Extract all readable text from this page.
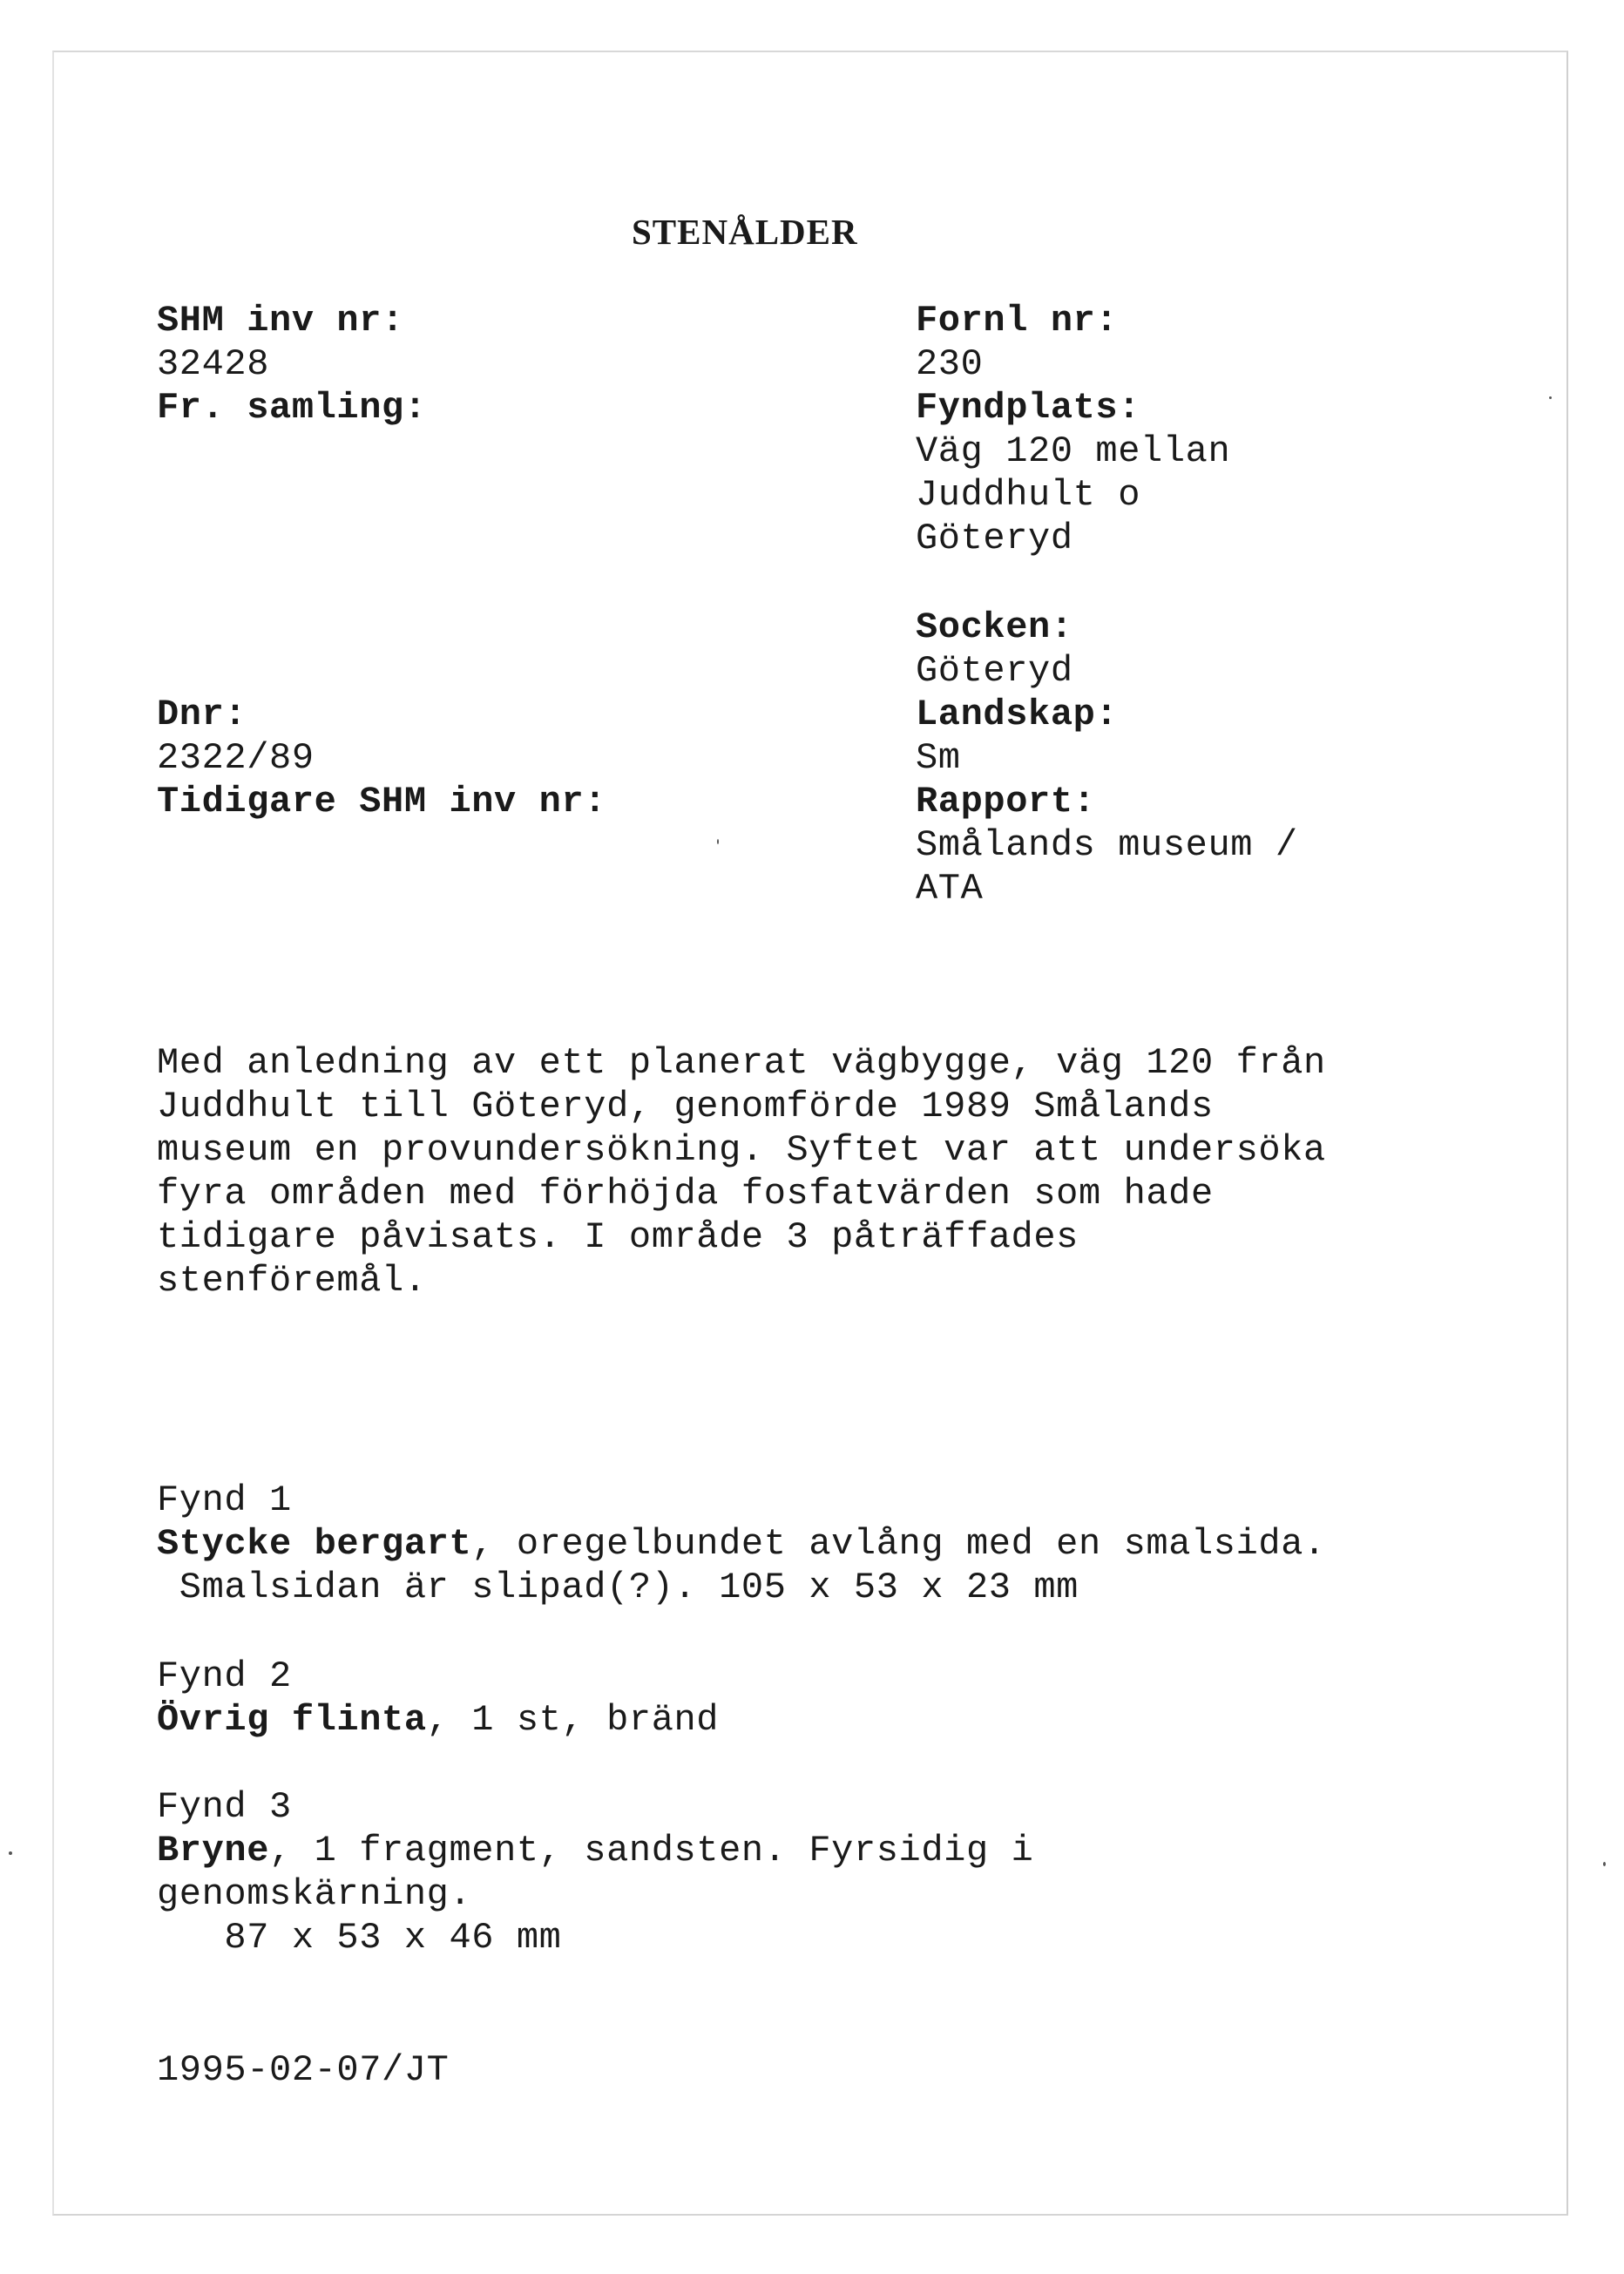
STENÅLDER
SHM inv nr:
32428
Fr. samling:
Dnr:
2322/89
Tidigare SHM inv nr:
Fornl nr:
230
Fyndplats:
Väg 120 mellan
Juddhult o
Göteryd
Socken:
Göteryd
Landskap:
Sm
Rapport:
Smålands museum /
ATA
Med anledning av ett planerat vägbygge, väg 120 från
Juddhult till Göteryd, genomförde 1989 Smålands
museum en provundersökning. Syftet var att undersöka
fyra områden med förhöjda fosfatvärden som hade
tidigare påvisats. I område 3 påträffades
stenföremål.
Fynd 1
Stycke bergart, oregelbundet avlång med en smalsida.
Smalsidan är slipad(?). 105 x 53 x 23 mm
Fynd 2
Övrig flinta, 1 st, bränd
Fynd 3
Bryne, 1 fragment, sandsten. Fyrsidig i
genomskärning.
87 x 53 x 46 mm
1995-02-07/JT
